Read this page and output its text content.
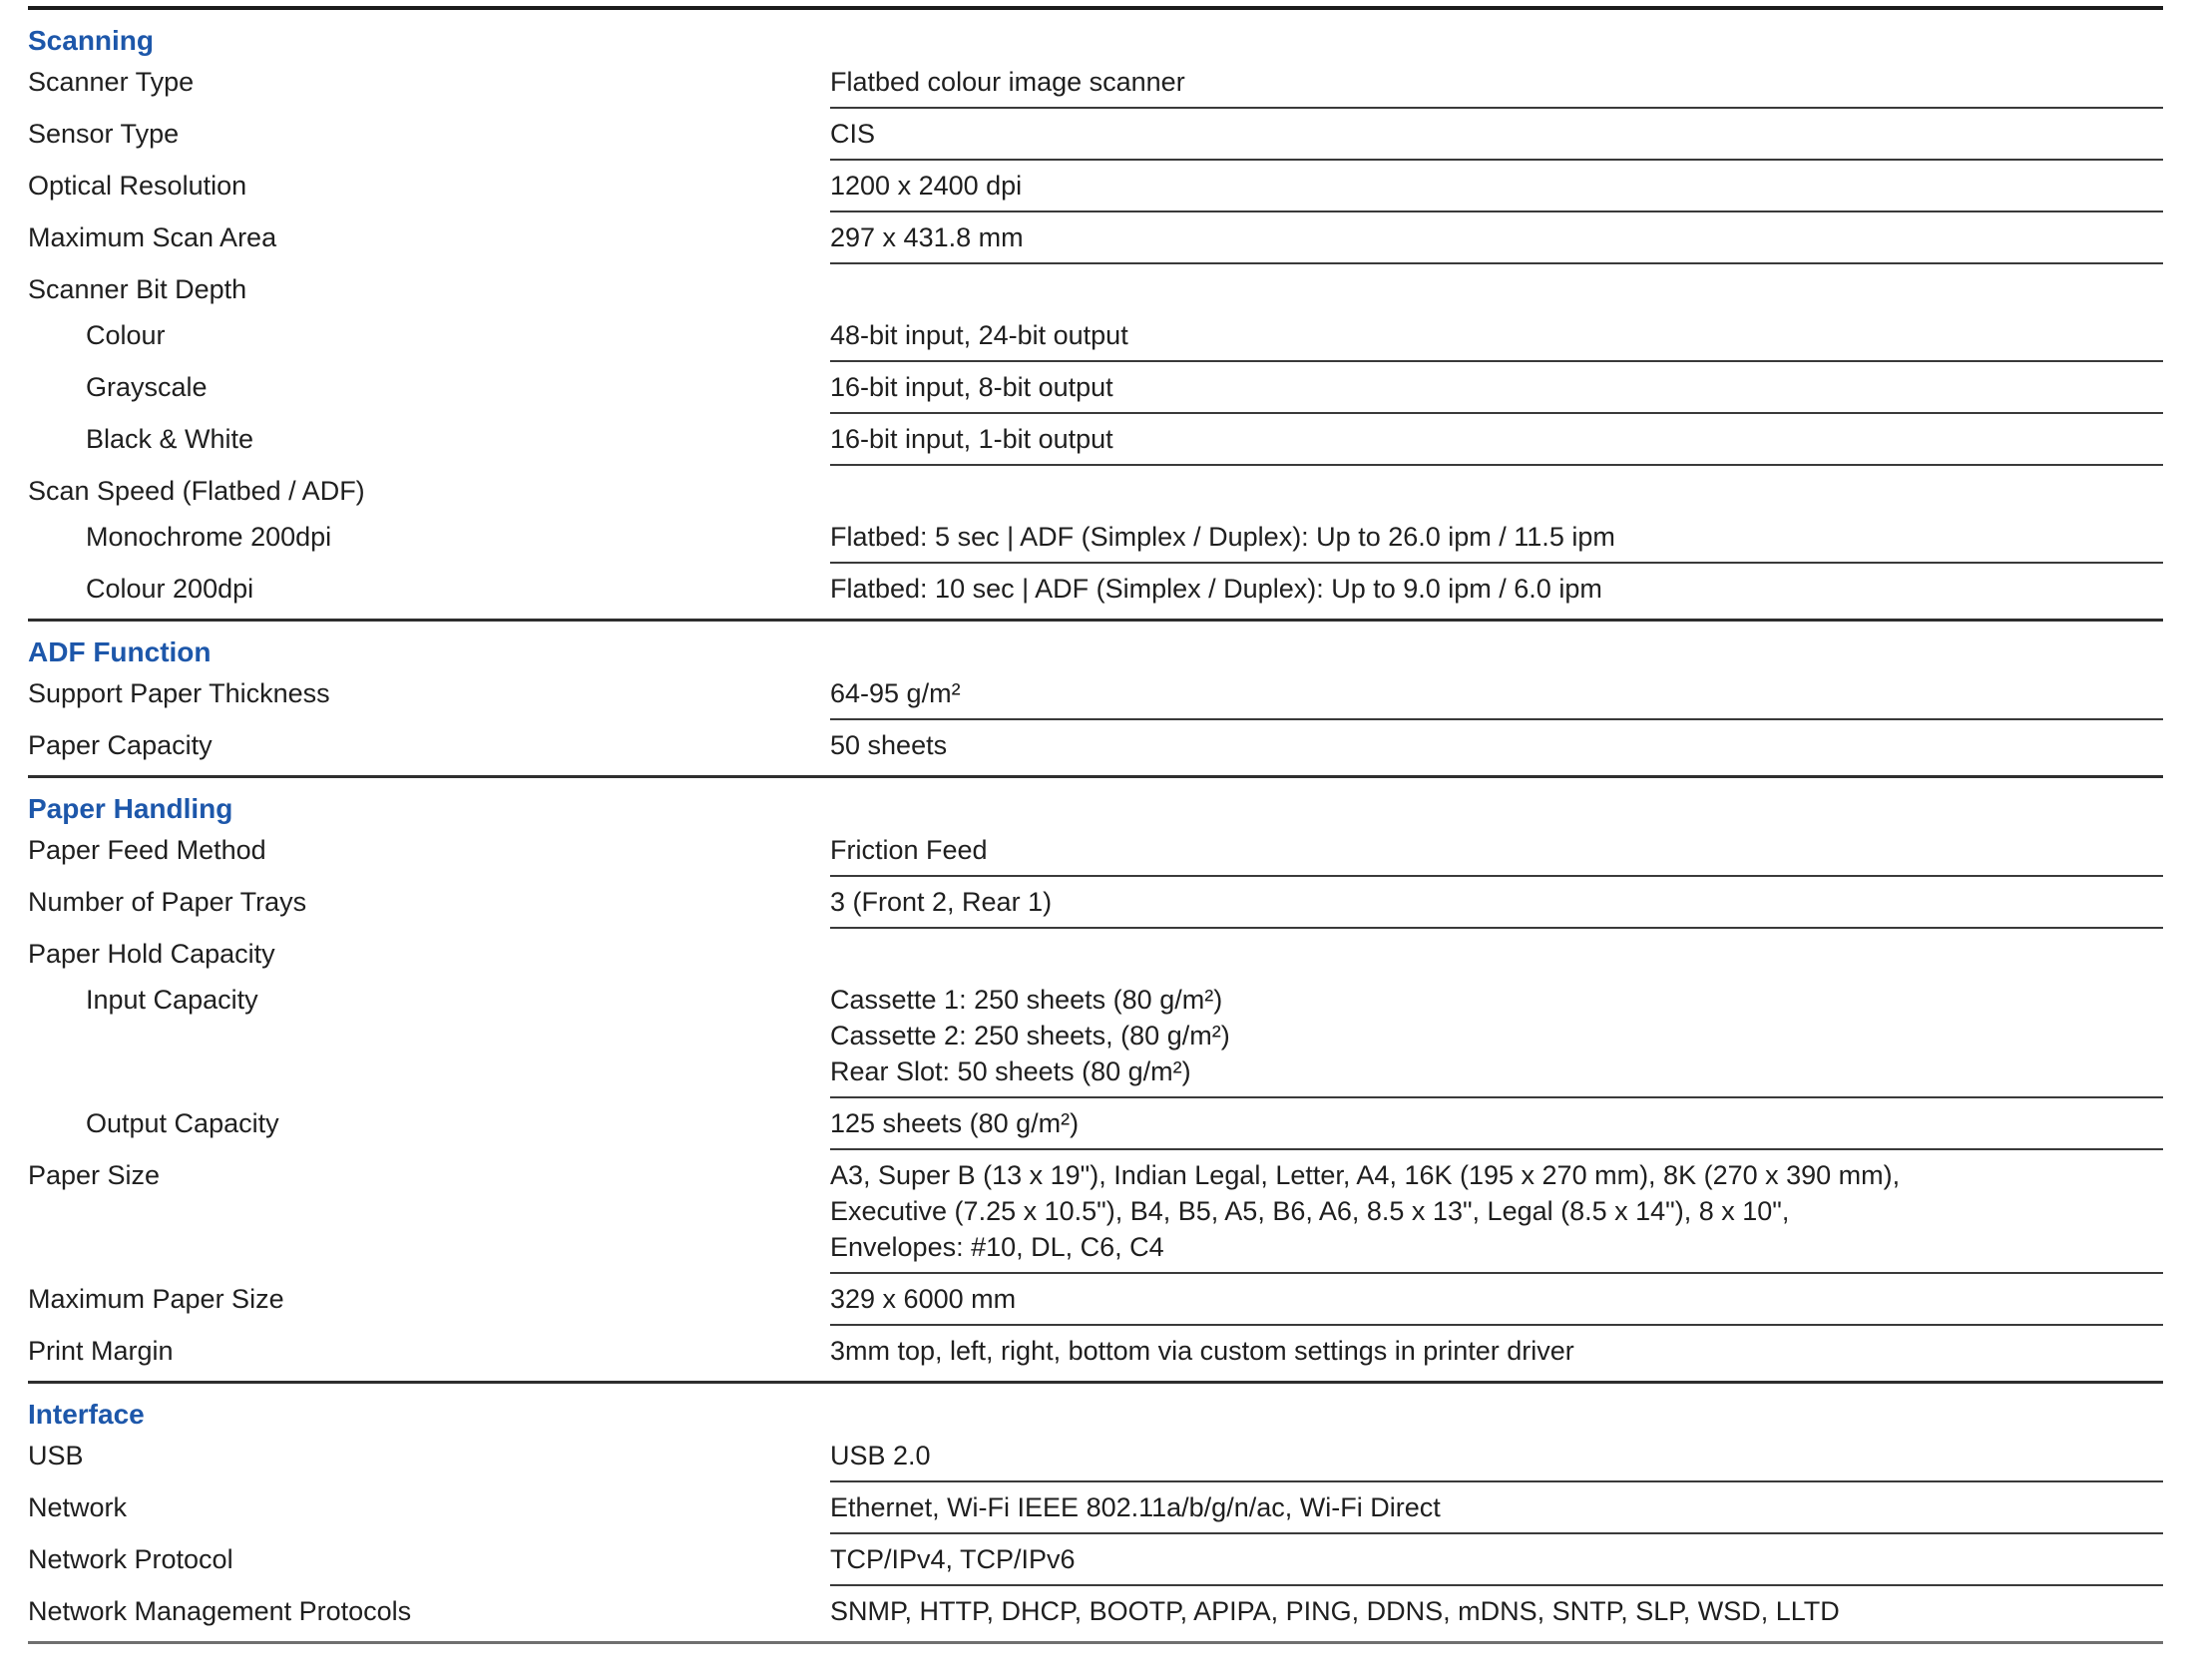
Scanning
Scanner Type	Flatbed colour image scanner
Sensor Type	CIS
Optical Resolution	1200 x 2400 dpi
Maximum Scan Area	297 x 431.8 mm
Scanner Bit Depth
Colour	48-bit input, 24-bit output
Grayscale	16-bit input, 8-bit output
Black & White	16-bit input, 1-bit output
Scan Speed (Flatbed / ADF)
Monochrome 200dpi	Flatbed: 5 sec | ADF (Simplex / Duplex): Up to 26.0 ipm / 11.5 ipm
Colour 200dpi	Flatbed: 10 sec | ADF (Simplex / Duplex): Up to 9.0 ipm / 6.0 ipm
ADF Function
Support Paper Thickness	64-95 g/m²
Paper Capacity	50 sheets
Paper Handling
Paper Feed Method	Friction Feed
Number of Paper Trays	3 (Front 2, Rear 1)
Paper Hold Capacity
Input Capacity	Cassette 1: 250 sheets (80 g/m²)
Cassette 2: 250 sheets, (80 g/m²)
Rear Slot: 50 sheets (80 g/m²)
Output Capacity	125 sheets (80 g/m²)
Paper Size	A3, Super B (13 x 19"), Indian Legal, Letter, A4, 16K (195 x 270 mm), 8K (270 x 390 mm),
Executive (7.25 x 10.5"), B4, B5, A5, B6, A6, 8.5 x 13", Legal (8.5 x 14"), 8 x 10",
Envelopes: #10, DL, C6, C4
Maximum Paper Size	329 x 6000 mm
Print Margin	3mm top, left, right, bottom via custom settings in printer driver
Interface
USB	USB 2.0
Network	Ethernet, Wi-Fi IEEE 802.11a/b/g/n/ac, Wi-Fi Direct
Network Protocol	TCP/IPv4, TCP/IPv6
Network Management Protocols	SNMP, HTTP, DHCP, BOOTP, APIPA, PING, DDNS, mDNS, SNTP, SLP, WSD, LLTD
